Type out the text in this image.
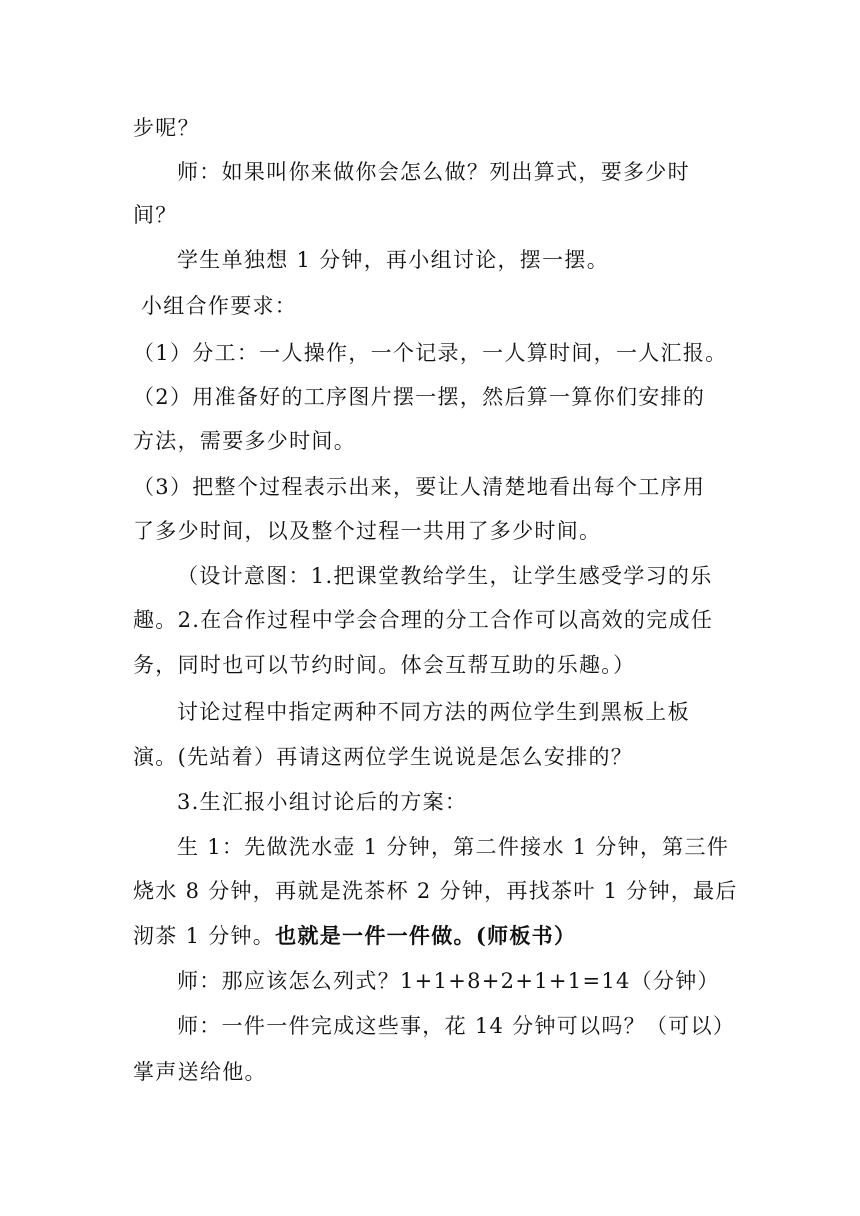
步呢？
师：如果叫你来做你会怎么做？列出算式，要多少时
间？
学生单独想 1 分钟，再小组讨论，摆一摆。
小组合作要求：
（1）分工：一人操作，一个记录，一人算时间，一人汇报。
（2）用准备好的工序图片摆一摆，然后算一算你们安排的
方法，需要多少时间。
（3）把整个过程表示出来，要让人清楚地看出每个工序用
了多少时间，以及整个过程一共用了多少时间。
（设计意图：1.把课堂教给学生，让学生感受学习的乐
趣。2.在合作过程中学会合理的分工合作可以高效的完成任
务，同时也可以节约时间。体会互帮互助的乐趣。）
讨论过程中指定两种不同方法的两位学生到黑板上板
演。(先站着）再请这两位学生说说是怎么安排的？
3.生汇报小组讨论后的方案：
生 1：先做洗水壶 1 分钟，第二件接水 1 分钟，第三件
烧水 8 分钟，再就是洗茶杯 2 分钟，再找茶叶 1 分钟，最后
沏茶 1 分钟。也就是一件一件做。(师板书）
师：那应该怎么列式？1+1+8+2+1+1=14（分钟）
师：一件一件完成这些事，花 14 分钟可以吗？（可以）
掌声送给他。
